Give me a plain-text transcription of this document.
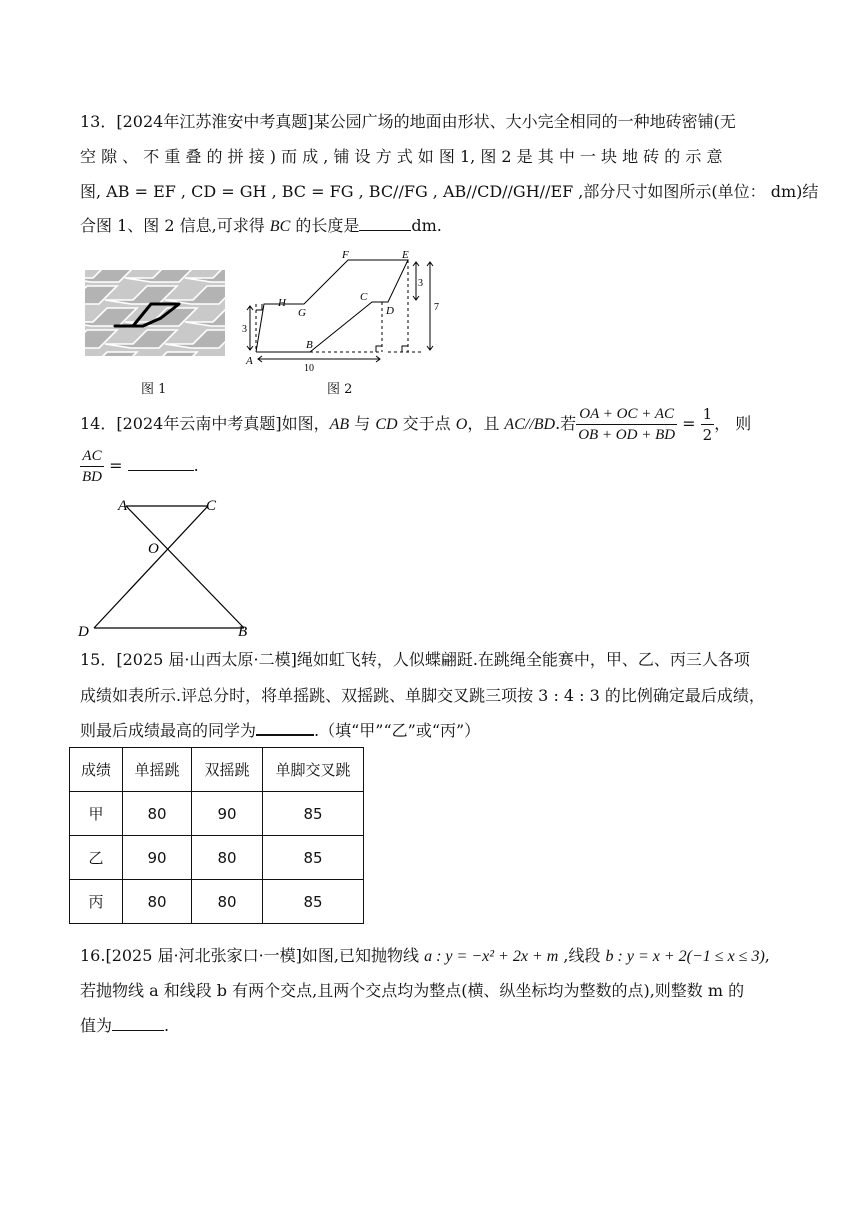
13．[2024年江苏淮安中考真题]某公园广场的地面由形状、大小完全相同的一种地砖密铺(无
空 隙 、 不 重 叠 的 拼 接 ) 而 成 , 铺 设 方 式 如 图 1, 图 2 是 其 中 一 块 地 砖 的 示 意
图, AB = EF , CD = GH , BC = FG , BC//FG , AB//CD//GH//EF ,部分尺寸如图所示(单位： dm)结
合图 1、图 2 信息,可求得 BC 的长度是	dm.
图 1
A
B
C
D
E
F
G
H
3
3
7
10
图 2
14．[2024年云南中考真题]如图，AB 与 CD 交于点 O，且 AC//BD.若 $\frac{OA + OC + AC}{OB + OD + BD} = \frac{1}{2}$ ， 则
$\frac{AC}{BD}$ =	.
A	C
O
D	B
15．[2025 届·山西太原·二模]绳如虹飞转，人似蝶翩跹.在跳绳全能赛中，甲、乙、丙三人各项
成绩如表所示.评总分时，将单摇跳、双摇跳、单脚交叉跳三项按 3 : 4 : 3 的比例确定最后成绩，
则最后成绩最高的同学为	.（填“甲”“乙”或“丙”）
成绩	单摇跳	双摇跳	单脚交叉跳
甲	80	90	85
乙	90	80	85
丙	80	80	85
16.[2025 届·河北张家口·一模]如图,已知抛物线 a : y = −x² + 2x + m ,线段 b : y = x + 2(−1 ≤ x ≤ 3),
若抛物线 a 和线段 b 有两个交点,且两个交点均为整点(横、纵坐标均为整数的点),则整数 m 的
值为	.
